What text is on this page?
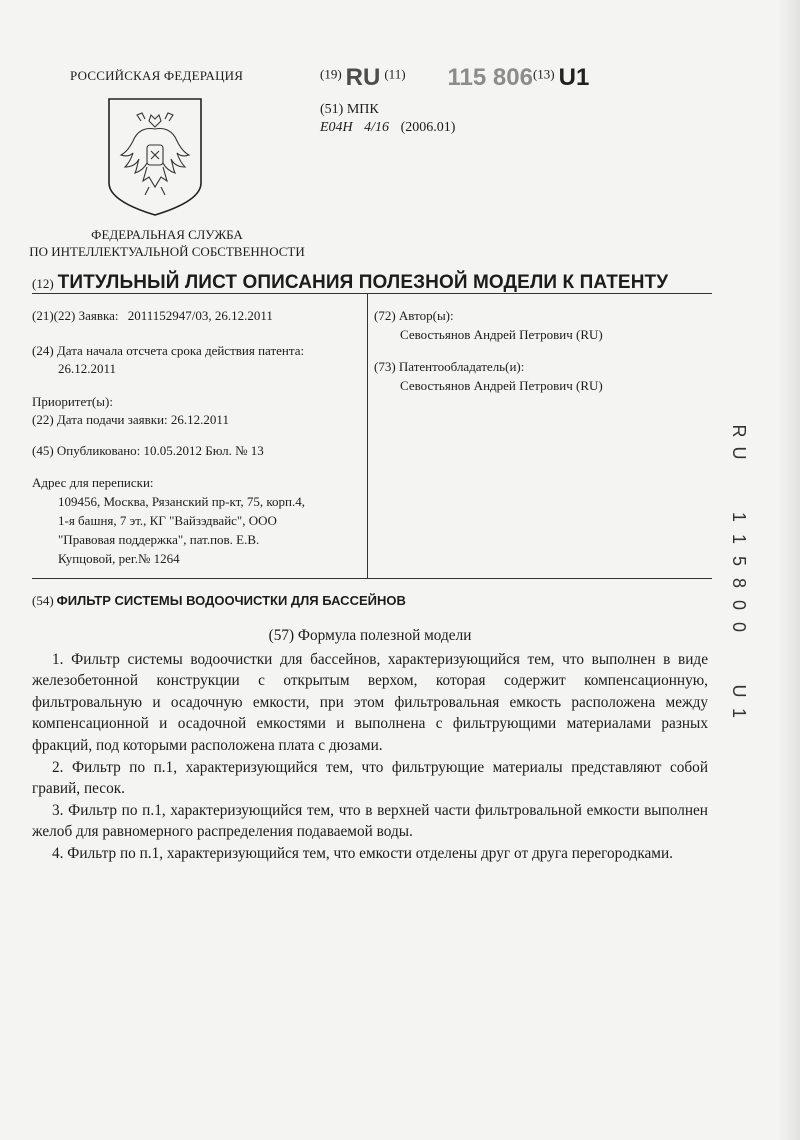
РОССИЙСКАЯ ФЕДЕРАЦИЯ
ФЕДЕРАЛЬНАЯ СЛУЖБА
ПО ИНТЕЛЛЕКТУАЛЬНОЙ СОБСТВЕННОСТИ
$^{(19)}$ RU $^{(11)}$ 115 806$^{(13)}$ U1
(51) МПК
E04H 4/16 (2006.01)
(12) ТИТУЛЬНЫЙ ЛИСТ ОПИСАНИЯ ПОЛЕЗНОЙ МОДЕЛИ К ПАТЕНТУ
(21)(22) Заявка: 2011152947/03, 26.12.2011
(24) Дата начала отсчета срока действия патента:
26.12.2011
Приоритет(ы):
(22) Дата подачи заявки: 26.12.2011
(45) Опубликовано: 10.05.2012 Бюл. № 13
Адрес для переписки:
109456, Москва, Рязанский пр-кт, 75, корп.4,
1-я башня, 7 эт., КГ "Вайзэдвайс", ООО
"Правовая поддержка", пат.пов. Е.В.
Купцовой, рег.№ 1264
(72) Автор(ы):
Севостьянов Андрей Петрович (RU)
(73) Патентообладатель(и):
Севостьянов Андрей Петрович (RU)
(54) ФИЛЬТР СИСТЕМЫ ВОДООЧИСТКИ ДЛЯ БАССЕЙНОВ
(57) Формула полезной модели

1. Фильтр системы водоочистки для бассейнов, характеризующийся тем, что выполнен в виде железобетонной конструкции с открытым верхом, которая содержит компенсационную, фильтровальную и осадочную емкости, при этом фильтровальная емкость расположена между компенсационной и осадочной емкостями и выполнена с фильтрующими материалами разных фракций, под которыми расположена плата с дюзами.

2. Фильтр по п.1, характеризующийся тем, что фильтрующие материалы представляют собой гравий, песок.

3. Фильтр по п.1, характеризующийся тем, что в верхней части фильтровальной емкости выполнен желоб для равномерного распределения подаваемой воды.

4. Фильтр по п.1, характеризующийся тем, что емкости отделены друг от друга перегородками.

R
U
1
1
5
8
0
0
U
1
